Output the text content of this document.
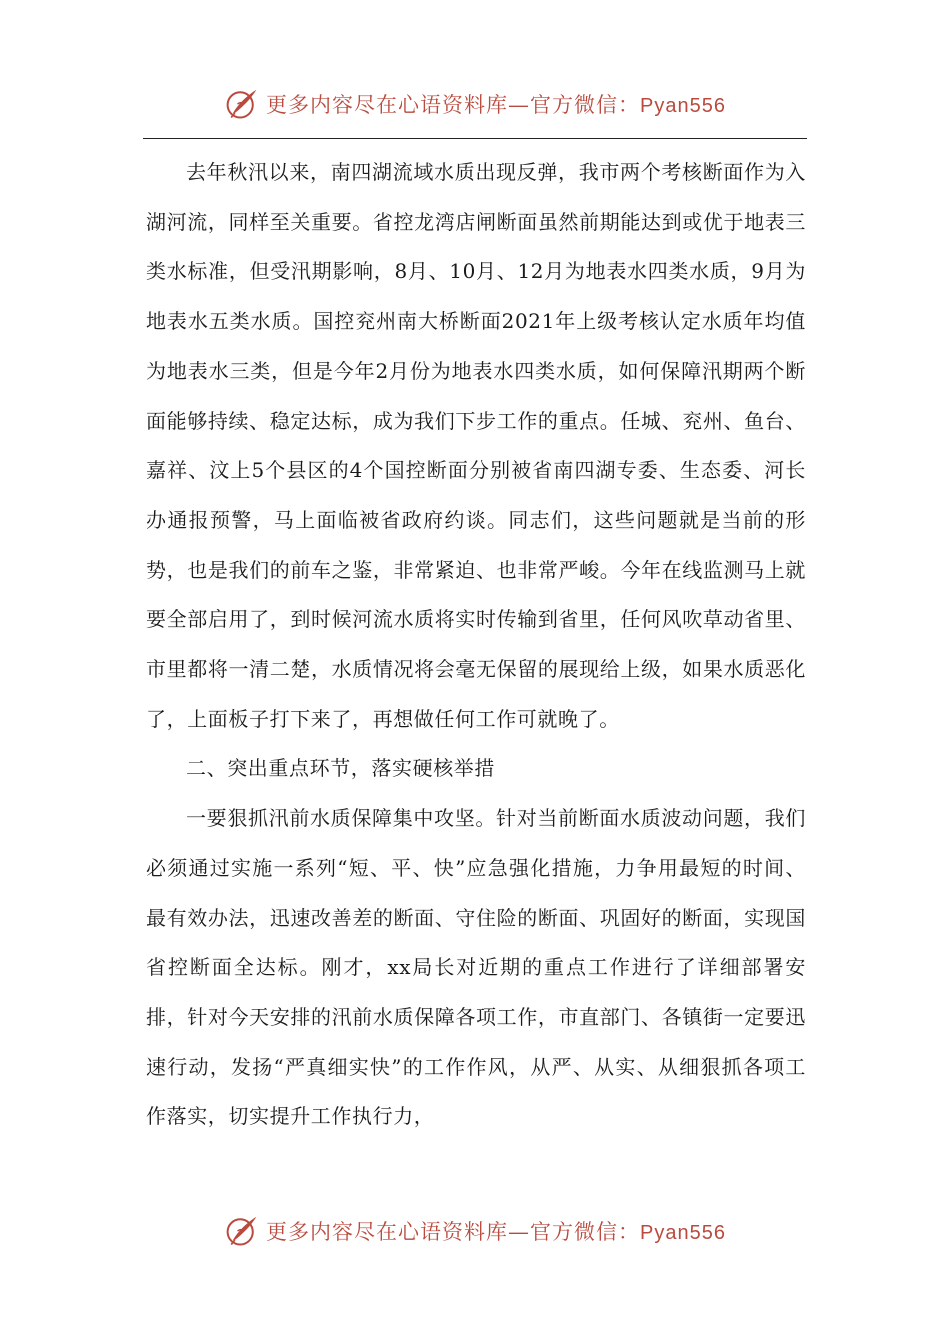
更多内容尽在心语资料库—官方微信：Pyan556

去年秋汛以来，南四湖流域水质出现反弹，我市两个考核断面作为入湖河流，同样至关重要。省控龙湾店闸断面虽然前期能达到或优于地表三类水标准，但受汛期影响，8月、10月、12月为地表水四类水质，9月为地表水五类水质。国控兖州南大桥断面2021年上级考核认定水质年均值为地表水三类，但是今年2月份为地表水四类水质，如何保障汛期两个断面能够持续、稳定达标，成为我们下步工作的重点。任城、兖州、鱼台、嘉祥、汶上5个县区的4个国控断面分别被省南四湖专委、生态委、河长办通报预警，马上面临被省政府约谈。同志们，这些问题就是当前的形势，也是我们的前车之鉴，非常紧迫、也非常严峻。今年在线监测马上就要全部启用了，到时候河流水质将实时传输到省里，任何风吹草动省里、市里都将一清二楚，水质情况将会毫无保留的展现给上级，如果水质恶化了，上面板子打下来了，再想做任何工作可就晚了。

二、突出重点环节，落实硬核举措

一要狠抓汛前水质保障集中攻坚。针对当前断面水质波动问题，我们必须通过实施一系列“短、平、快”应急强化措施，力争用最短的时间、最有效办法，迅速改善差的断面、守住险的断面、巩固好的断面，实现国省控断面全达标。刚才，xx局长对近期的重点工作进行了详细部署安排，针对今天安排的汛前水质保障各项工作，市直部门、各镇街一定要迅速行动，发扬“严真细实快”的工作作风，从严、从实、从细狠抓各项工作落实，切实提升工作执行力，

更多内容尽在心语资料库—官方微信：Pyan556
